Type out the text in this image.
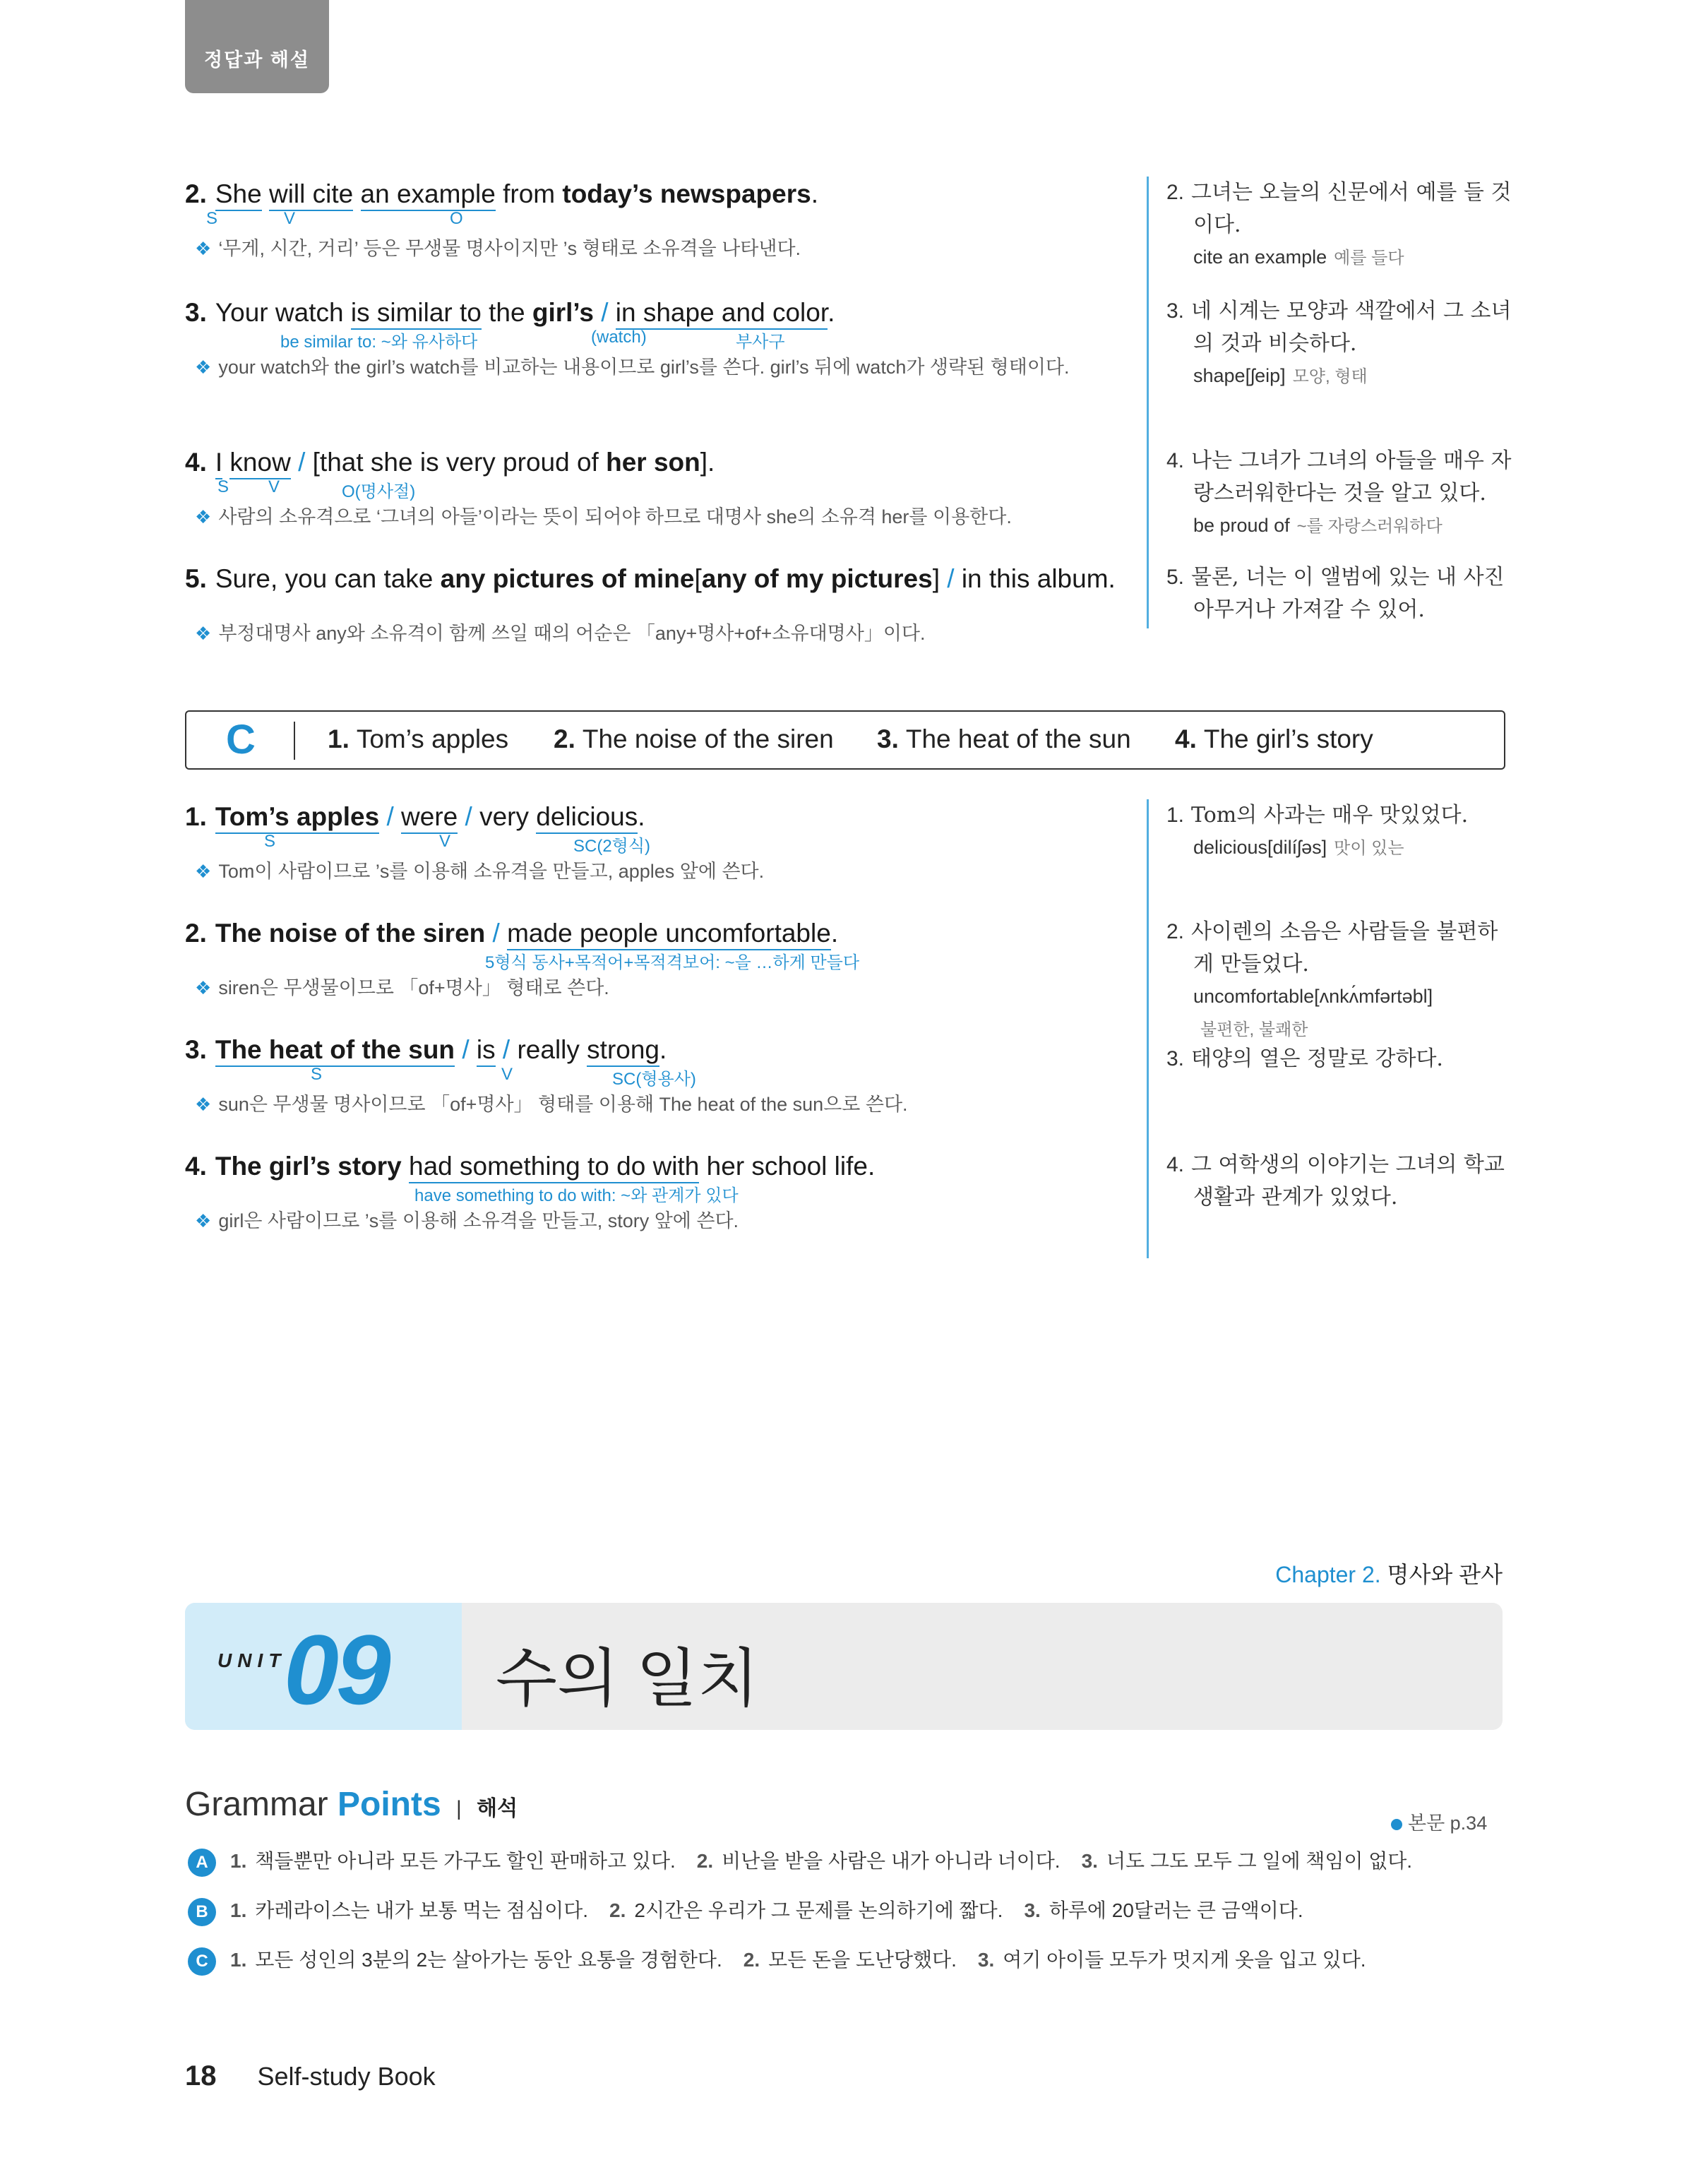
정답과 해설
2. She will cite an example from today’s newspapers.
S	V	O
❖ ‘무게, 시간, 거리’ 등은 무생물 명사이지만 ’s 형태로 소유격을 나타낸다.
3. Your watch is similar to the girl’s / in shape and color.
be similar to: ~와 유사하다	(watch)	부사구
❖ your watch와 the girl’s watch를 비교하는 내용이므로 girl’s를 쓴다. girl’s 뒤에 watch가 생략된 형태이다.
4. I know / [that she is very proud of her son].
S V	O(명사절)
❖ 사람의 소유격으로 ‘그녀의 아들’이라는 뜻이 되어야 하므로 대명사 she의 소유격 her를 이용한다.
5. Sure, you can take any pictures of mine[any of my pictures] / in this album.
❖ 부정대명사 any와 소유격이 함께 쓰일 때의 어순은 「any+명사+of+소유대명사」이다.
2. 그녀는 오늘의 신문에서 예를 들 것
이다.
cite an example 예를 들다
3. 네 시계는 모양과 색깔에서 그 소녀
의 것과 비슷하다.
shape[ʃeip] 모양, 형태
4. 나는 그녀가 그녀의 아들을 매우 자
랑스러워한다는 것을 알고 있다.
be proud of ~를 자랑스러워하다
5. 물론, 너는 이 앨범에 있는 내 사진
아무거나 가져갈 수 있어.
C	1. Tom’s apples 2. The noise of the siren 3. The heat of the sun 4. The girl’s story
1. Tom’s apples / were / very delicious.
S	V	SC(2형식)
❖ Tom이 사람이므로 ’s를 이용해 소유격을 만들고, apples 앞에 쓴다.
2. The noise of the siren / made people uncomfortable.
5형식 동사+목적어+목적격보어: ~을 …하게 만들다
❖ siren은 무생물이므로 「of+명사」 형태로 쓴다.
3. The heat of the sun / is / really strong.
S	V	SC(형용사)
❖ sun은 무생물 명사이므로 「of+명사」 형태를 이용해 The heat of the sun으로 쓴다.
4. The girl’s story had something to do with her school life.
have something to do with: ~와 관계가 있다
❖ girl은 사람이므로 ’s를 이용해 소유격을 만들고, story 앞에 쓴다.
1. Tom의 사과는 매우 맛있었다.
delicious[dilíʃəs] 맛이 있는
2. 사이렌의 소음은 사람들을 불편하
게 만들었다.
uncomfortable[ʌnkʌ́mfərtəbl]
불편한, 불쾌한
3. 태양의 열은 정말로 강하다.
4. 그 여학생의 이야기는 그녀의 학교
생활과 관계가 있었다.
Chapter 2. 명사와 관사
UNIT
09 수의 일치
Grammar Points | 해석
본문 p.34
A 1. 책들뿐만 아니라 모든 가구도 할인 판매하고 있다. 2. 비난을 받을 사람은 내가 아니라 너이다. 3. 너도 그도 모두 그 일에 책임이 없다.
B 1. 카레라이스는 내가 보통 먹는 점심이다. 2. 2시간은 우리가 그 문제를 논의하기에 짧다. 3. 하루에 20달러는 큰 금액이다.
C 1. 모든 성인의 3분의 2는 살아가는 동안 요통을 경험한다. 2. 모든 돈을 도난당했다. 3. 여기 아이들 모두가 멋지게 옷을 입고 있다.
18 Self-study Book
